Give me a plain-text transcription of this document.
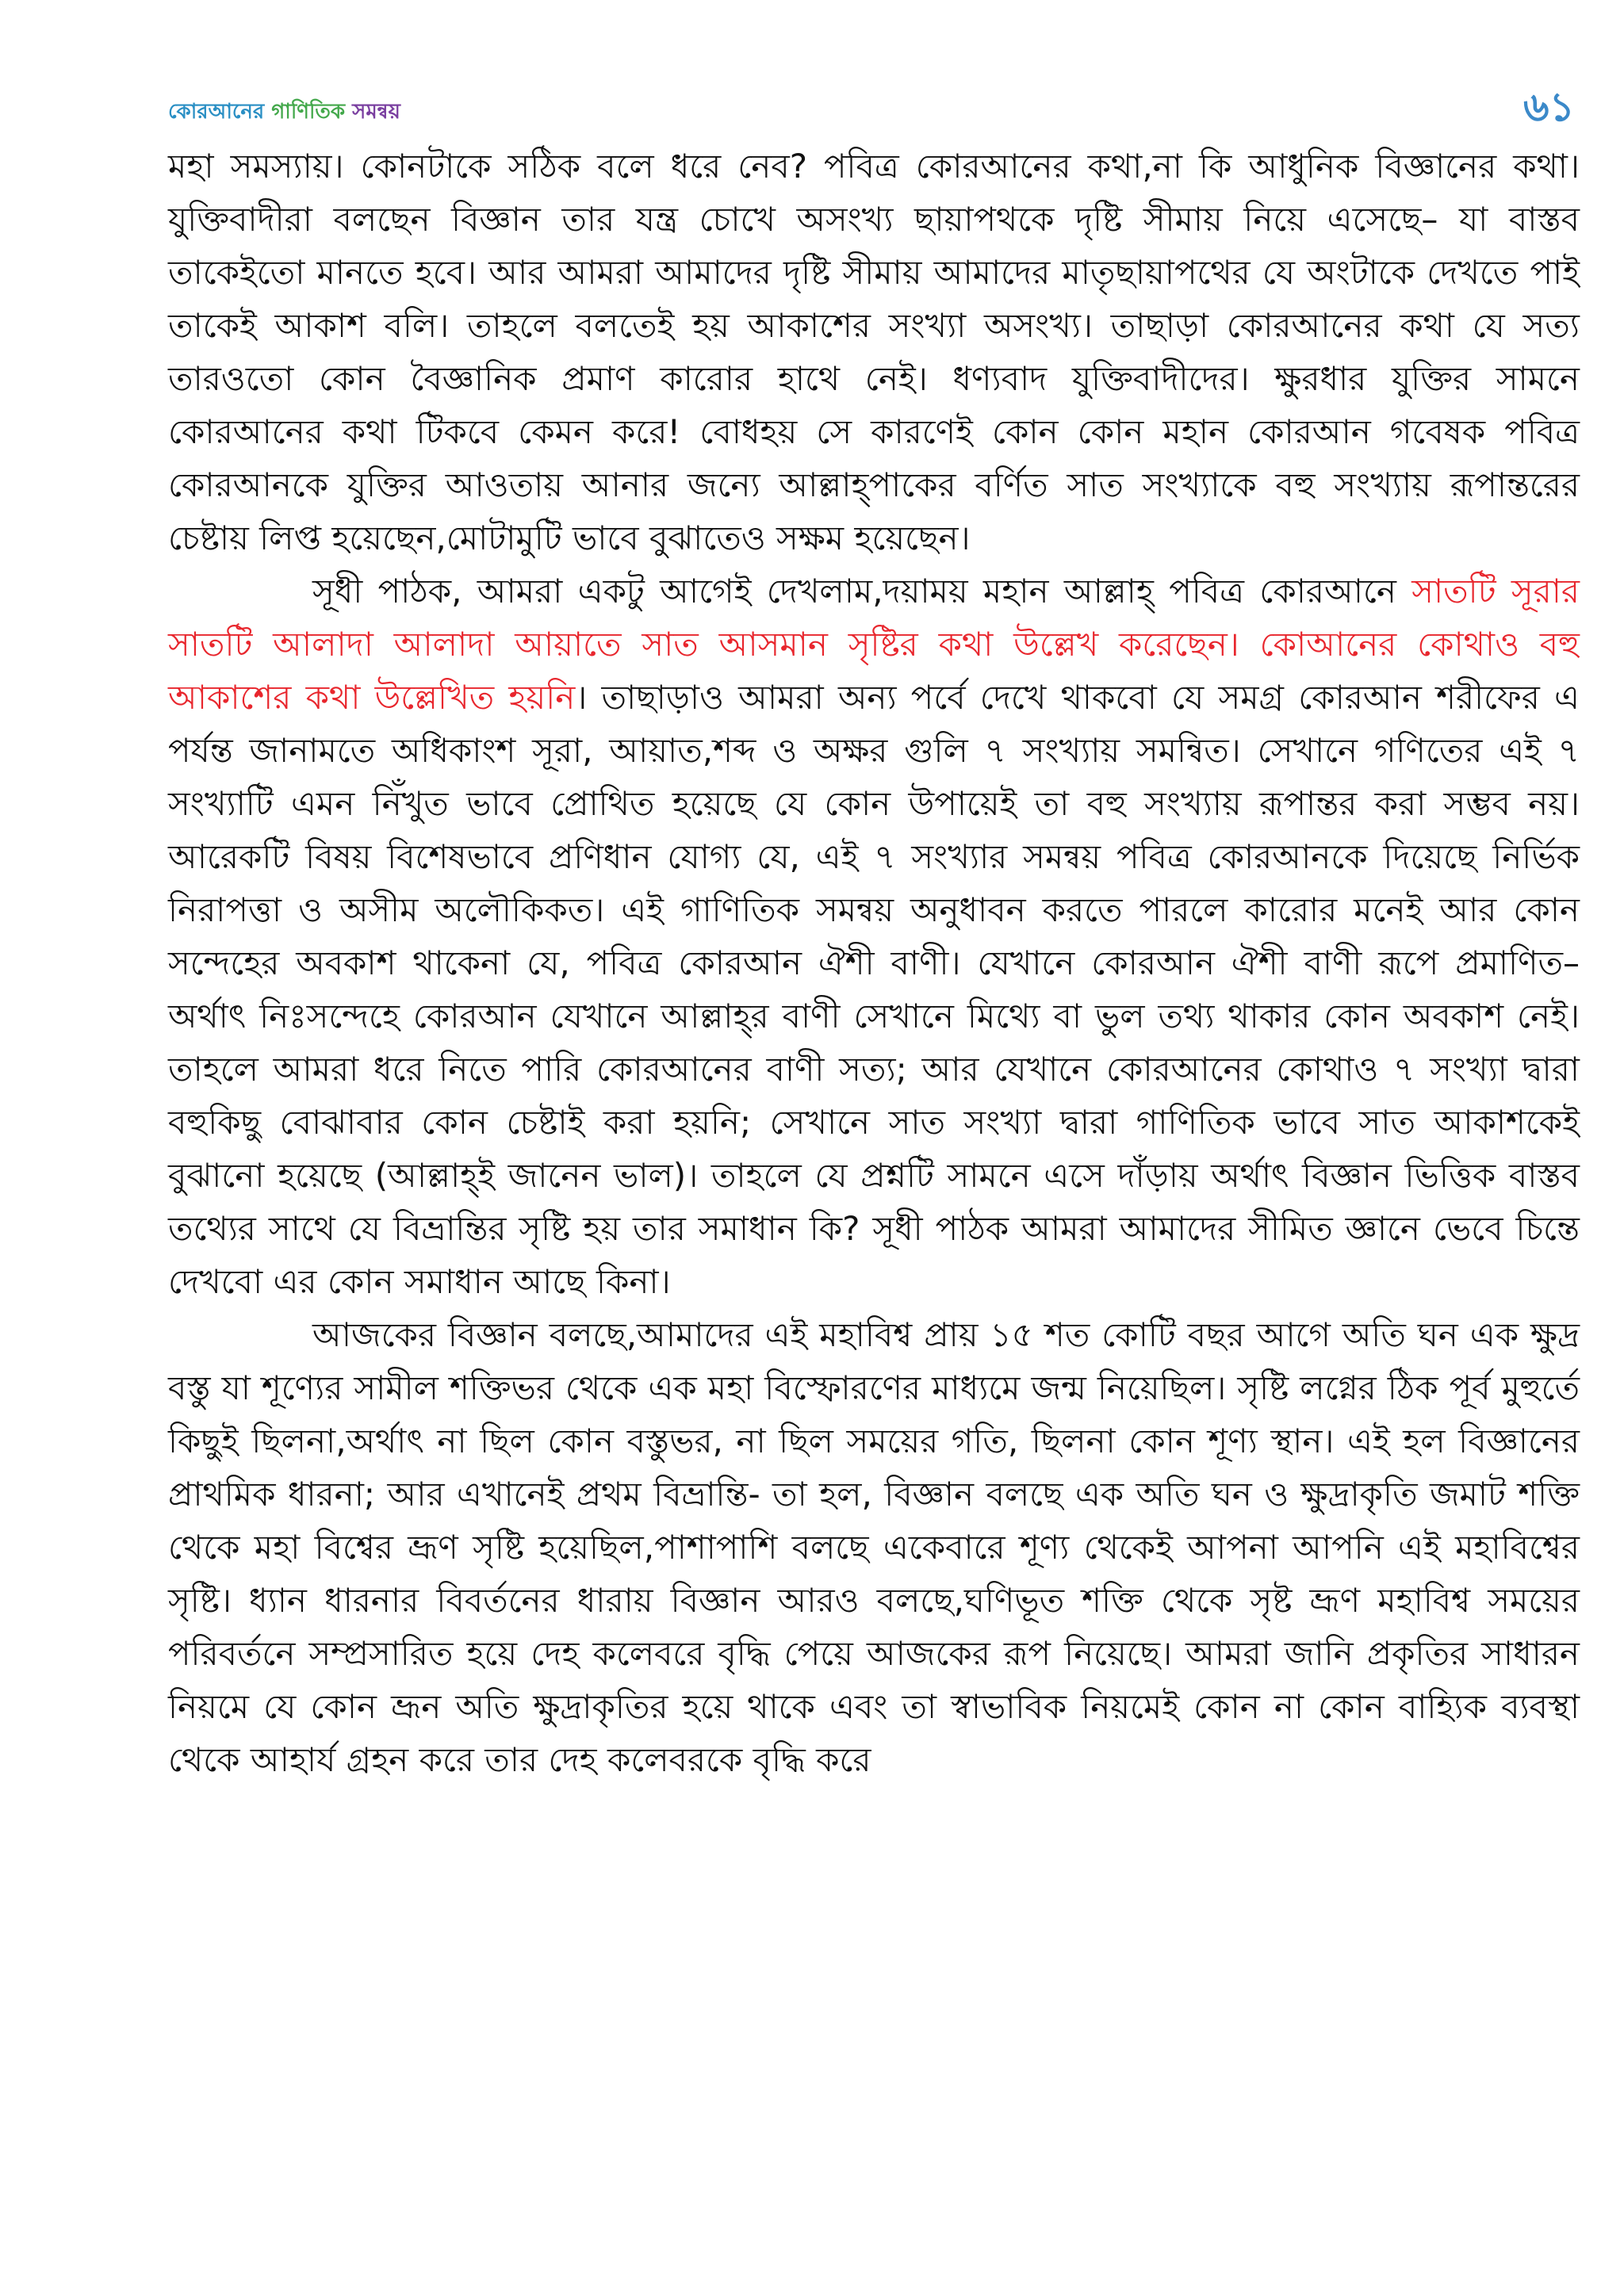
কোরআনের গাণিতিক সমন্বয়	৬১

মহা সমস্যায়। কোনটাকে সঠিক বলে ধরে নেব? পবিত্র কোরআনের কথা,না কি আধুনিক বিজ্ঞানের কথা। যুক্তিবাদীরা বলছেন বিজ্ঞান তার যন্ত্র চোখে অসংখ্য ছায়াপথকে দৃষ্টি সীমায় নিয়ে এসেছে– যা বাস্তব তাকেইতো মানতে হবে। আর আমরা আমাদের দৃষ্টি সীমায় আমাদের মাতৃছায়াপথের যে অংটাকে দেখতে পাই তাকেই আকাশ বলি। তাহলে বলতেই হয় আকাশের সংখ্যা অসংখ্য। তাছাড়া কোরআনের কথা যে সত্য তারওতো কোন বৈজ্ঞানিক প্রমাণ কারোর হাথে নেই। ধণ্যবাদ যুক্তিবাদীদের। ক্ষুরধার যুক্তির সামনে কোরআনের কথা টিকবে কেমন করে! বোধহয় সে কারণেই কোন কোন মহান কোরআন গবেষক পবিত্র কোরআনকে যুক্তির আওতায় আনার জন্যে আল্লাহ্‌পাকের বর্ণিত সাত সংখ্যাকে বহু সংখ্যায় রূপান্তরের চেষ্টায় লিপ্ত হয়েছেন,মোটামুটি ভাবে বুঝাতেও সক্ষম হয়েছেন।

সূধী পাঠক, আমরা একটু আগেই দেখলাম,দয়াময় মহান আল্লাহ্‌ পবিত্র কোরআনে সাতটি সূরার সাতটি আলাদা আলাদা আয়াতে সাত আসমান সৃষ্টির কথা উল্লেখ করেছেন। কোআনের কোথাও বহু আকাশের কথা উল্লেখিত হয়নি। তাছাড়াও আমরা অন্য পর্বে দেখে থাকবো যে সমগ্র কোরআন শরীফের এ পর্যন্ত জানামতে অধিকাংশ সূরা, আয়াত,শব্দ ও অক্ষর গুলি ৭ সংখ্যায় সমন্বিত। সেখানে গণিতের এই ৭ সংখ্যাটি এমন নিঁখুত ভাবে প্রোথিত হয়েছে যে কোন উপায়েই তা বহু সংখ্যায় রূপান্তর করা সম্ভব নয়। আরেকটি বিষয় বিশেষভাবে প্রণিধান যোগ্য যে, এই ৭ সংখ্যার সমন্বয় পবিত্র কোরআনকে দিয়েছে নির্ভিক নিরাপত্তা ও অসীম অলৌকিকত। এই গাণিতিক সমন্বয় অনুধাবন করতে পারলে কারোর মনেই আর কোন সন্দেহের অবকাশ থাকেনা যে, পবিত্র কোরআন ঐশী বাণী। যেখানে কোরআন ঐশী বাণী রূপে প্রমাণিত– অর্থাৎ নিঃসন্দেহে কোরআন যেখানে আল্লাহ্‌র বাণী সেখানে মিথ্যে বা ভুল তথ্য থাকার কোন অবকাশ নেই। তাহলে আমরা ধরে নিতে পারি কোরআনের বাণী সত্য; আর যেখানে কোরআনের কোথাও ৭ সংখ্যা দ্বারা বহুকিছু বোঝাবার কোন চেষ্টাই করা হয়নি; সেখানে সাত সংখ্যা দ্বারা গাণিতিক ভাবে সাত আকাশকেই বুঝানো হয়েছে (আল্লাহ্‌ই জানেন ভাল)। তাহলে যে প্রশ্নটি সামনে এসে দাঁড়ায় অর্থাৎ বিজ্ঞান ভিত্তিক বাস্তব তথ্যের সাথে যে বিভ্রান্তির সৃষ্টি হয় তার সমাধান কি? সূধী পাঠক আমরা আমাদের সীমিত জ্ঞানে ভেবে চিন্তে দেখবো এর কোন সমাধান আছে কিনা।

আজকের বিজ্ঞান বলছে,আমাদের এই মহাবিশ্ব প্রায় ১৫ শত কোটি বছর আগে অতি ঘন এক ক্ষুদ্র বস্তু যা শূণ্যের সামীল শক্তিভর থেকে এক মহা বিস্ফোরণের মাধ্যমে জন্ম নিয়েছিল। সৃষ্টি লগ্নের ঠিক পূর্ব মুহুর্তে কিছুই ছিলনা,অর্থাৎ না ছিল কোন বস্তুভর, না ছিল সময়ের গতি, ছিলনা কোন শূণ্য স্থান। এই হল বিজ্ঞানের প্রাথমিক ধারনা; আর এখানেই প্রথম বিভ্রান্তি- তা হল, বিজ্ঞান বলছে এক অতি ঘন ও ক্ষুদ্রাকৃতি জমাট শক্তি থেকে মহা বিশ্বের ভ্রূণ সৃষ্টি হয়েছিল,পাশাপাশি বলছে একেবারে শূণ্য থেকেই আপনা আপনি এই মহাবিশ্বের সৃষ্টি। ধ্যান ধারনার বিবর্তনের ধারায় বিজ্ঞান আরও বলছে,ঘণিভূত শক্তি থেকে সৃষ্ট ভ্রূণ মহাবিশ্ব সময়ের পরিবর্তনে সম্প্রসারিত হয়ে দেহ কলেবরে বৃদ্ধি পেয়ে আজকের রূপ নিয়েছে। আমরা জানি প্রকৃতির সাধারন নিয়মে যে কোন ভ্রূন অতি ক্ষুদ্রাকৃতির হয়ে থাকে এবং তা স্বাভাবিক নিয়মেই কোন না কোন বাহ্যিক ব্যবস্থা থেকে আহার্য গ্রহন করে তার দেহ কলেবরকে বৃদ্ধি করে
